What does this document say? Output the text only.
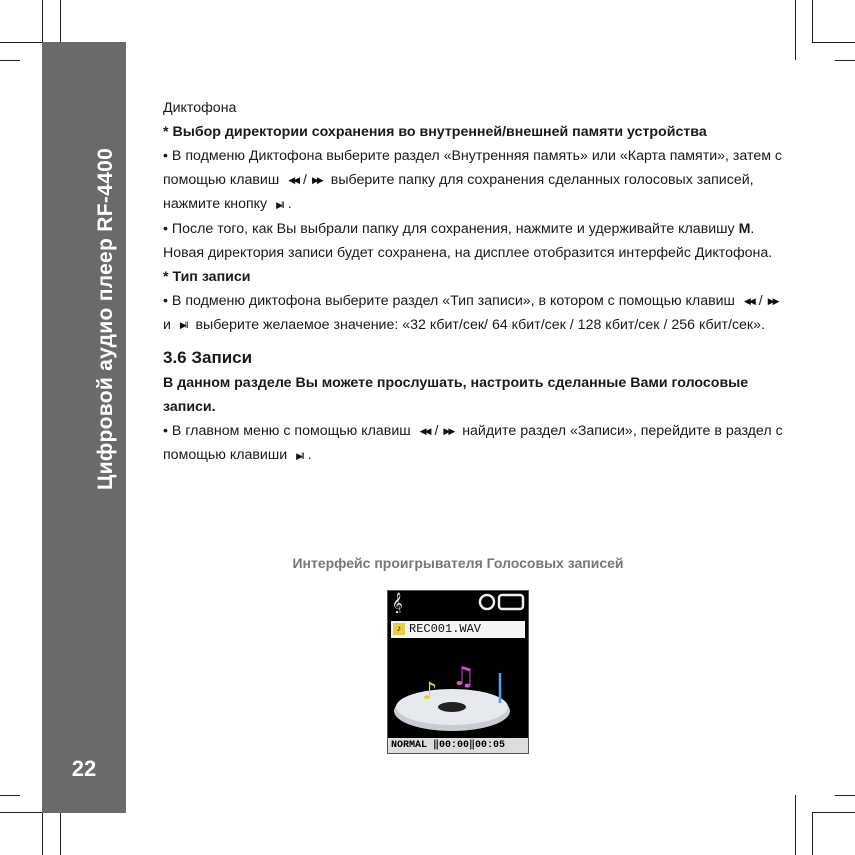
Цифровой аудио плеер RF-4400
22

Диктофона

* Выбор директории сохранения во внутренней/внешней памяти устройства

• В подменю Диктофона выберите раздел «Внутренняя память» или «Карта памяти», затем с помощью клавиш ◀◀ / ▶▶ выберите папку для сохранения сделанных голосовых записей, нажмите кнопку ▶‖ .

• После того, как Вы выбрали папку для сохранения, нажмите и удерживайте клавишу M. Новая директория записи будет сохранена, на дисплее отобразится интерфейс Диктофона.

* Тип записи

• В подменю диктофона выберите раздел «Тип записи», в котором с помощью клавиш ◀◀ / ▶▶ и ▶‖ выберите желаемое значение: «32 кбит/сек/ 64 кбит/сек / 128 кбит/сек / 256 кбит/сек».

3.6 Записи

В данном разделе Вы можете прослушать, настроить сделанные Вами голосовые записи.

• В главном меню с помощью клавиш ◀◀ / ▶▶ найдите раздел «Записи», перейдите в раздел с помощью клавиши ▶‖ .

Интерфейс проигрывателя Голосовых записей
𝄞
♪ REC001.WAV
♪ ♫
NORMAL ‖00:00‖00:05
